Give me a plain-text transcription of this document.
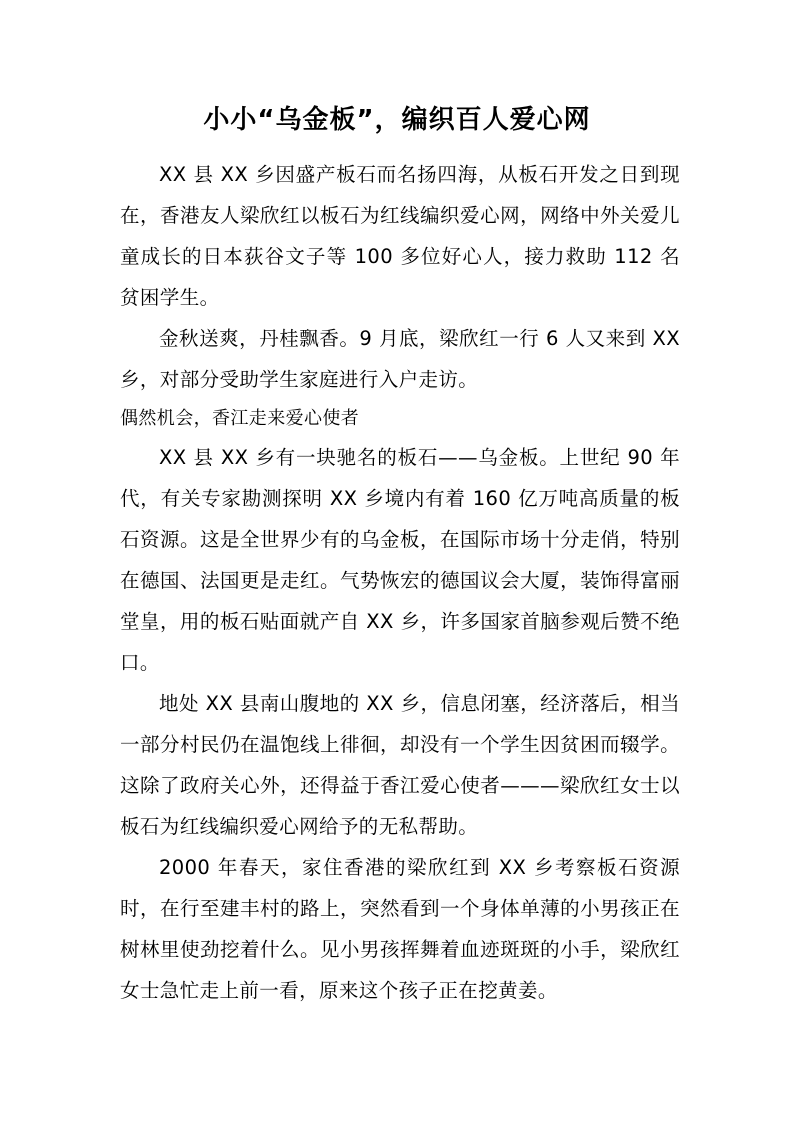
小小“乌金板”，编织百人爱心网

XX 县 XX 乡因盛产板石而名扬四海，从板石开发之日到现在，香港友人梁欣红以板石为红线编织爱心网，网络中外关爱儿童成长的日本荻谷文子等 100 多位好心人，接力救助 112 名贫困学生。

金秋送爽，丹桂飘香。9 月底，梁欣红一行 6 人又来到 XX 乡，对部分受助学生家庭进行入户走访。

偶然机会，香江走来爱心使者

XX 县 XX 乡有一块驰名的板石——乌金板。上世纪 90 年代，有关专家勘测探明 XX 乡境内有着 160 亿万吨高质量的板石资源。这是全世界少有的乌金板，在国际市场十分走俏，特别在德国、法国更是走红。气势恢宏的德国议会大厦，装饰得富丽堂皇，用的板石贴面就产自 XX 乡，许多国家首脑参观后赞不绝口。

地处 XX 县南山腹地的 XX 乡，信息闭塞，经济落后，相当一部分村民仍在温饱线上徘徊，却没有一个学生因贫困而辍学。这除了政府关心外，还得益于香江爱心使者———梁欣红女士以板石为红线编织爱心网给予的无私帮助。

2000 年春天，家住香港的梁欣红到 XX 乡考察板石资源时，在行至建丰村的路上，突然看到一个身体单薄的小男孩正在树林里使劲挖着什么。见小男孩挥舞着血迹斑斑的小手，梁欣红女士急忙走上前一看，原来这个孩子正在挖黄姜。
